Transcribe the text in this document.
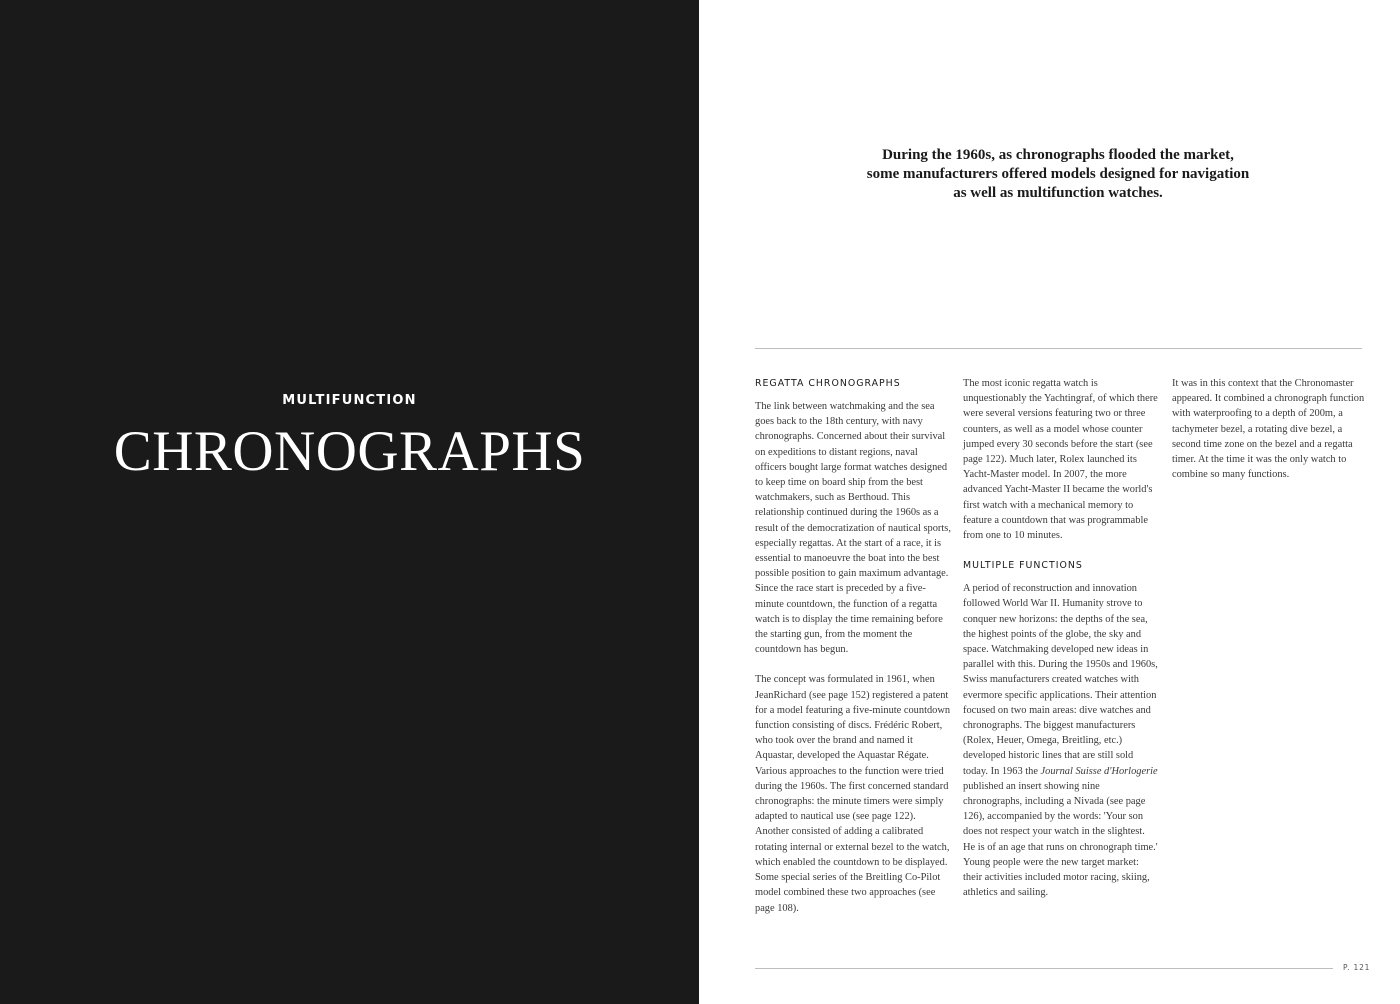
MULTIFUNCTION
CHRONOGRAPHS
During the 1960s, as chronographs flooded the market,
some manufacturers offered models designed for navigation
as well as multifunction watches.
REGATTA CHRONOGRAPHS

The link between watchmaking and the sea goes back to the 18th century, with navy chronographs. Concerned about their survival on expeditions to distant regions, naval officers bought large format watches designed to keep time on board ship from the best watchmakers, such as Berthoud. This relationship continued during the 1960s as a result of the democratization of nautical sports, especially regattas. At the start of a race, it is essential to manoeuvre the boat into the best possible position to gain maximum advantage. Since the race start is preceded by a five-minute countdown, the function of a regatta watch is to display the time remaining before the starting gun, from the moment the countdown has begun.

The concept was formulated in 1961, when JeanRichard (see page 152) registered a patent for a model featuring a five-minute countdown function consisting of discs. Frédéric Robert, who took over the brand and named it Aquastar, developed the Aquastar Régate. Various approaches to the function were tried during the 1960s. The first concerned standard chronographs: the minute timers were simply adapted to nautical use (see page 122). Another consisted of adding a calibrated rotating internal or external bezel to the watch, which enabled the countdown to be displayed. Some special series of the Breitling Co-Pilot model combined these two approaches (see page 108).

The most iconic regatta watch is unquestionably the Yachtingraf, of which there were several versions featuring two or three counters, as well as a model whose counter jumped every 30 seconds before the start (see page 122). Much later, Rolex launched its Yacht-Master model. In 2007, the more advanced Yacht-Master II became the world's first watch with a mechanical memory to feature a countdown that was programmable from one to 10 minutes.

MULTIPLE FUNCTIONS

A period of reconstruction and innovation followed World War II. Humanity strove to conquer new horizons: the depths of the sea, the highest points of the globe, the sky and space. Watchmaking developed new ideas in parallel with this. During the 1950s and 1960s, Swiss manufacturers created watches with evermore specific applications. Their attention focused on two main areas: dive watches and chronographs. The biggest manufacturers (Rolex, Heuer, Omega, Breitling, etc.) developed historic lines that are still sold today. In 1963 the Journal Suisse d'Horlogerie published an insert showing nine chronographs, including a Nivada (see page 126), accompanied by the words: 'Your son does not respect your watch in the slightest. He is of an age that runs on chronograph time.' Young people were the new target market: their activities included motor racing, skiing, athletics and sailing.

It was in this context that the Chronomaster appeared. It combined a chronograph function with waterproofing to a depth of 200m, a tachymeter bezel, a rotating dive bezel, a second time zone on the bezel and a regatta timer. At the time it was the only watch to combine so many functions.

P. 121
